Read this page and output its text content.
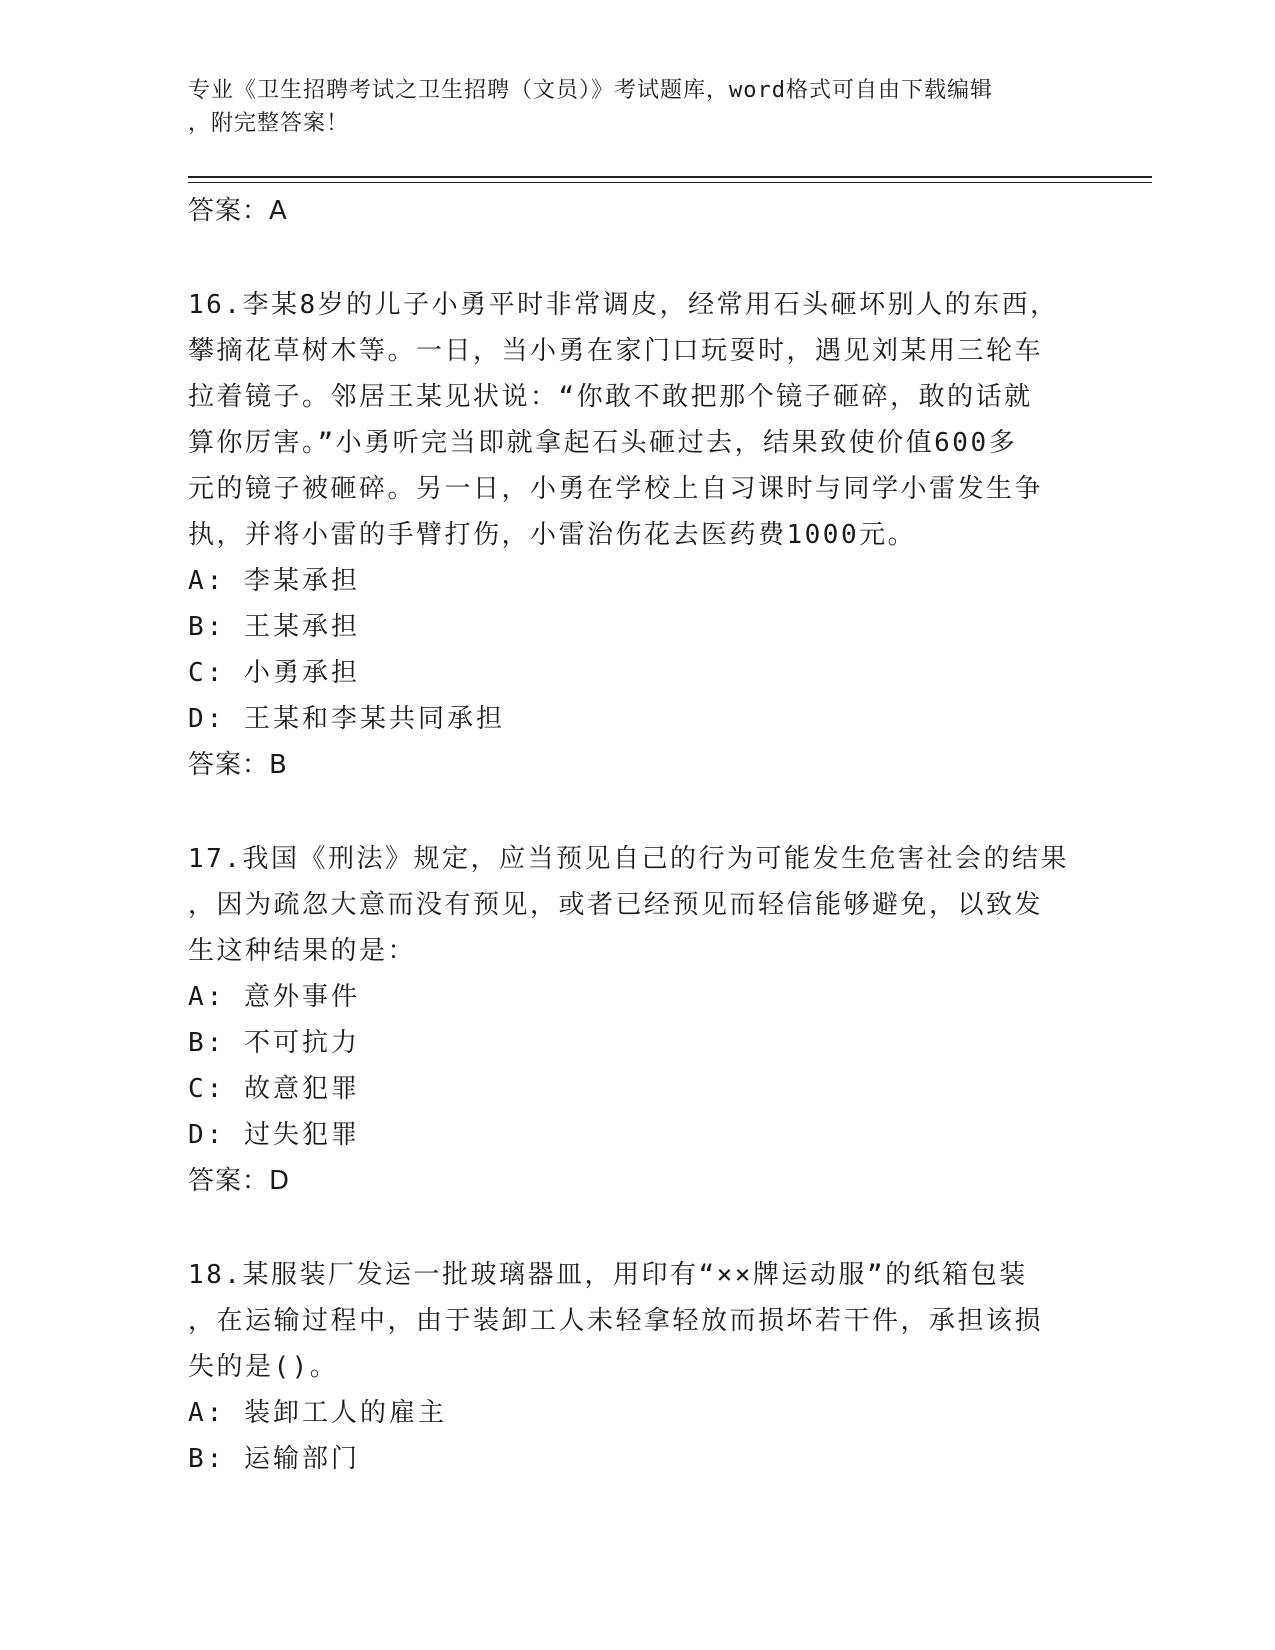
专业《卫生招聘考试之卫生招聘（文员）》考试题库，word格式可自由下载编辑
，附完整答案！
答案：A
16.李某8岁的儿子小勇平时非常调皮，经常用石头砸坏别人的东西，
攀摘花草树木等。一日，当小勇在家门口玩耍时，遇见刘某用三轮车
拉着镜子。邻居王某见状说：“你敢不敢把那个镜子砸碎，敢的话就
算你厉害。”小勇听完当即就拿起石头砸过去，结果致使价值600多
元的镜子被砸碎。另一日，小勇在学校上自习课时与同学小雷发生争
执，并将小雷的手臂打伤，小雷治伤花去医药费1000元。
A: 李某承担
B: 王某承担
C: 小勇承担
D: 王某和李某共同承担
答案：B
17.我国《刑法》规定，应当预见自己的行为可能发生危害社会的结果
，因为疏忽大意而没有预见，或者已经预见而轻信能够避免，以致发
生这种结果的是：
A: 意外事件
B: 不可抗力
C: 故意犯罪
D: 过失犯罪
答案：D
18.某服装厂发运一批玻璃器皿，用印有“××牌运动服”的纸箱包装
，在运输过程中，由于装卸工人未轻拿轻放而损坏若干件，承担该损
失的是()。
A: 装卸工人的雇主
B: 运输部门
